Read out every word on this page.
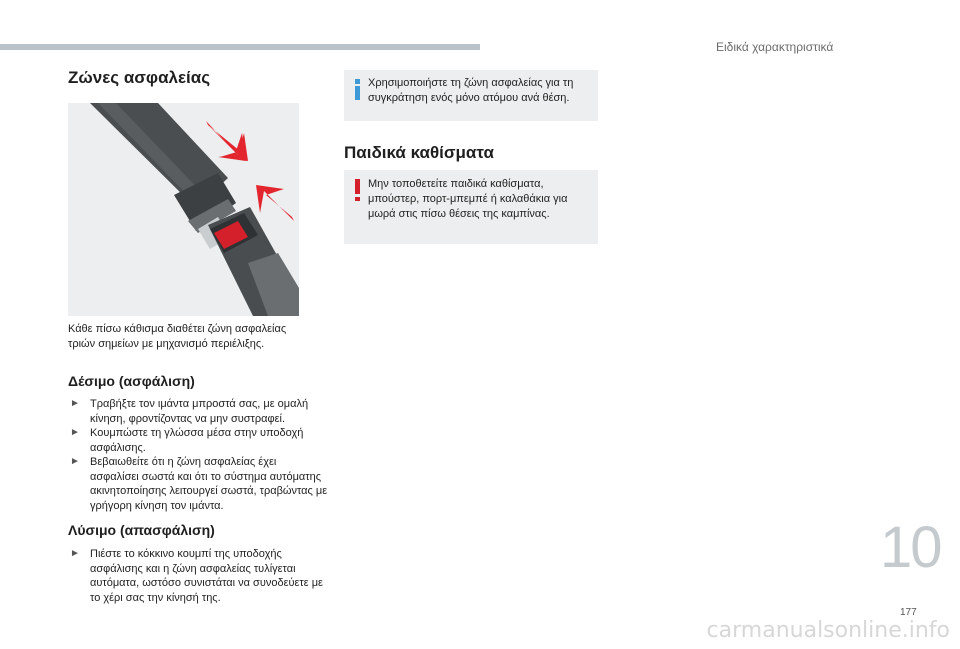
Ειδικά χαρακτηριστικά
Ζώνες ασφαλείας
Κάθε πίσω κάθισμα διαθέτει ζώνη ασφαλείας τριών σημείων με μηχανισμό περιέλιξης.
Δέσιμο (ασφάλιση)
► Τραβήξτε τον ιμάντα μπροστά σας, με ομαλή κίνηση, φροντίζοντας να μην συστραφεί.
► Κουμπώστε τη γλώσσα μέσα στην υποδοχή ασφάλισης.
► Βεβαιωθείτε ότι η ζώνη ασφαλείας έχει ασφαλίσει σωστά και ότι το σύστημα αυτόματης ακινητοποίησης λειτουργεί σωστά, τραβώντας με γρήγορη κίνηση τον ιμάντα.
Λύσιμο (απασφάλιση)
► Πιέστε το κόκκινο κουμπί της υποδοχής ασφάλισης και η ζώνη ασφαλείας τυλίγεται αυτόματα, ωστόσο συνιστάται να συνοδεύετε με το χέρι σας την κίνησή της.

Χρησιμοποιήστε τη ζώνη ασφαλείας για τη συγκράτηση ενός μόνο ατόμου ανά θέση.

Παιδικά καθίσματα

Μην τοποθετείτε παιδικά καθίσματα, μπούστερ, πορτ-μπεμπέ ή καλαθάκια για μωρά στις πίσω θέσεις της καμπίνας.

10
177
carmanualsonline.info
